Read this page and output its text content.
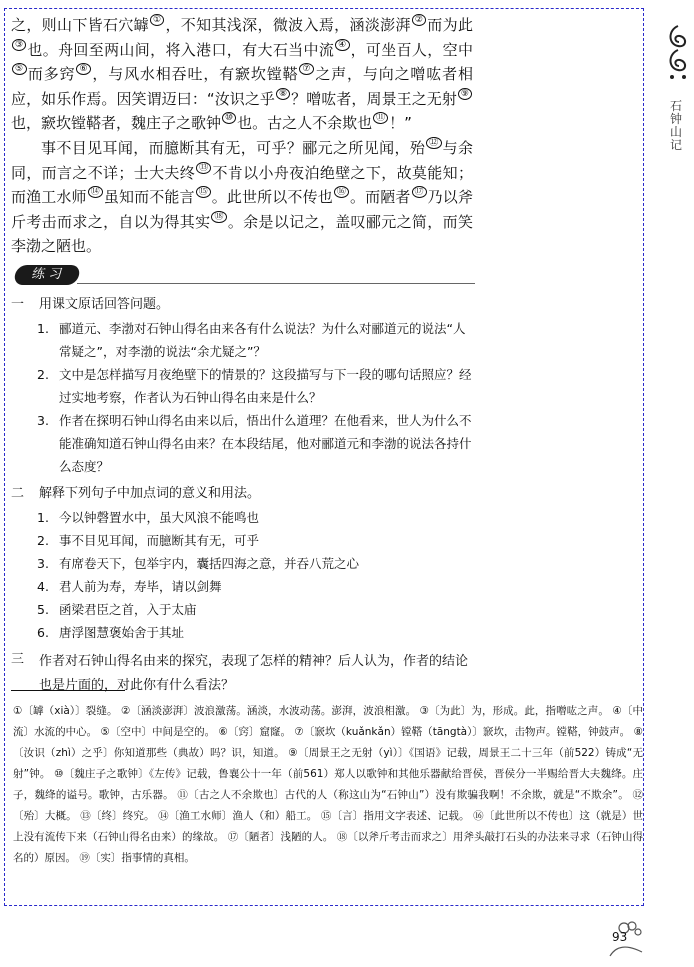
之，则山下皆石穴罅 ① ，不知其浅深，微波入焉，涵淡澎湃 ② 而为此③ 也。舟回至两山间，将入港口，有大石当中流 ④ ，可坐百人，空中⑤ 而多窍 ⑥ ，与风水相吞吐，有窾坎镗鞳 ⑦ 之声，与向之噌吰者相应，如乐作焉。因笑谓迈曰：“汝识之乎 ⑧ ？噌吰者，周景王之无射 ⑨也，窾坎镗鞳者，魏庄子之歌钟 ⑩ 也。古之人不余欺也 ⑪ ！”

事不目见耳闻，而臆断其有无，可乎？郦元之所见闻，殆 ⑫ 与余同，而言之不详；士大夫终 ⑬ 不肯以小舟夜泊绝壁之下，故莫能知；而渔工水师 ⑭ 虽知而不能言 ⑮ 。此世所以不传也 ⑯ 。而陋者 ⑰ 乃以斧斤考击而求之，自以为得其实 ⑱ 。余是以记之，盖叹郦元之简，而笑李渤之陋也。

练 习
一	用课文原话回答问题。
1. 郦道元、李渤对石钟山得名由来各有什么说法？为什么对郦道元的说法“人常疑之”，对李渤的说法“余尤疑之”？
2. 文中是怎样描写月夜绝壁下的情景的？这段描写与下一段的哪句话照应？经过实地考察，作者认为石钟山得名由来是什么？
3. 作者在探明石钟山得名由来以后，悟出什么道理？在他看来，世人为什么不能准确知道石钟山得名由来？在本段结尾，他对郦道元和李渤的说法各持什么态度？
二	解释下列句子中加点词的意义和用法。
1. 今以钟磬置水中，虽大风浪不能鸣也
2. 事不目见耳闻，而臆断其有无，可乎
3. 有席卷天下，包举宇内，囊括四海之意，并吞八荒之心
4. 君人前为寿，寿毕，请以剑舞
5. 函梁君臣之首，入于太庙
6. 唐浮图慧褒始舍于其址
三	作者对石钟山得名由来的探究，表现了怎样的精神？后人认为，作者的结论也是片面的，对此你有什么看法？
①〔罅（xià）〕裂缝。 ②〔涵淡澎湃〕波浪激荡。涵淡，水波动荡。澎湃，波浪相激。 ③〔为此〕为，形成。此，指噌吰之声。 ④〔中流〕水流的中心。 ⑤〔空中〕中间是空的。 ⑥〔窍〕窟窿。 ⑦〔窾坎（kuǎnkǎn）镗鞳（tāngtà）〕窾坎，击物声。镗鞳，钟鼓声。 ⑧〔汝识（zhì）之乎〕你知道那些（典故）吗？识，知道。 ⑨〔周景王之无射（yì）〕《国语》记载，周景王二十三年（前522）铸成“无射”钟。 ⑩〔魏庄子之歌钟〕《左传》记载，鲁襄公十一年（前561）郑人以歌钟和其他乐器献给晋侯，晋侯分一半赐给晋大夫魏绛。庄子，魏绛的谥号。歌钟，古乐器。 ⑪〔古之人不余欺也〕古代的人（称这山为“石钟山”）没有欺骗我啊！不余欺，就是“不欺余”。 ⑫〔殆〕大概。 ⑬〔终〕终究。 ⑭〔渔工水师〕渔人（和）船工。 ⑮〔言〕指用文字表述、记载。 ⑯〔此世所以不传也〕这（就是）世上没有流传下来（石钟山得名由来）的缘故。 ⑰〔陋者〕浅陋的人。 ⑱〔以斧斤考击而求之〕用斧头敲打石头的办法来寻求（石钟山得名的）原因。 ⑲〔实〕指事情的真相。
石钟山记
93
